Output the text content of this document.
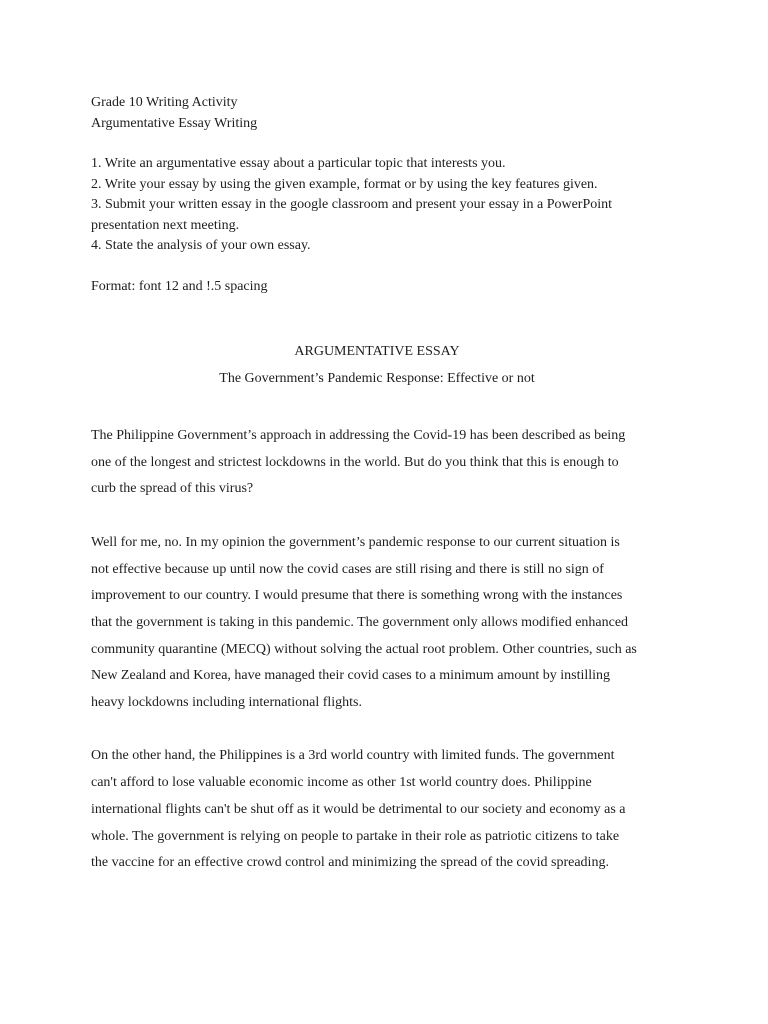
Grade 10 Writing Activity
Argumentative Essay Writing
1. Write an argumentative essay about a particular topic that interests you.
2. Write your essay by using the given example, format or by using the key features given.
3. Submit your written essay in the google classroom and present your essay in a PowerPoint
presentation next meeting.
4. State the analysis of your own essay.
Format: font 12 and !.5 spacing
ARGUMENTATIVE ESSAY
The Government’s Pandemic Response: Effective or not

The Philippine Government’s approach in addressing the Covid-19 has been described as being
one of the longest and strictest lockdowns in the world. But do you think that this is enough to
curb the spread of this virus?

Well for me, no. In my opinion the government’s pandemic response to our current situation is
not effective because up until now the covid cases are still rising and there is still no sign of
improvement to our country. I would presume that there is something wrong with the instances
that the government is taking in this pandemic. The government only allows modified enhanced
community quarantine (MECQ) without solving the actual root problem. Other countries, such as
New Zealand and Korea, have managed their covid cases to a minimum amount by instilling
heavy lockdowns including international flights.

On the other hand, the Philippines is a 3rd world country with limited funds. The government
can't afford to lose valuable economic income as other 1st world country does. Philippine
international flights can't be shut off as it would be detrimental to our society and economy as a
whole. The government is relying on people to partake in their role as patriotic citizens to take
the vaccine for an effective crowd control and minimizing the spread of the covid spreading.
